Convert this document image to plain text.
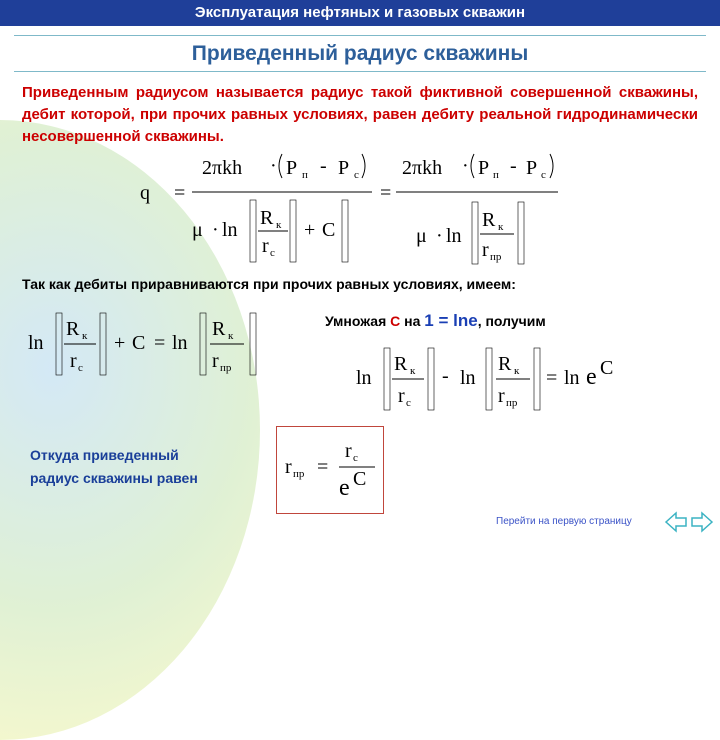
Эксплуатация нефтяных и газовых скважин
Приведенный радиус скважины
Приведенным радиусом называется радиус такой фиктивной совершенной скважины, дебит которой, при прочих равных условиях, равен дебиту реальной гидродинамически несовершенной скважины.
q =
2πkh · P п - P c
μ · ln
R к
r c
+ C
=
2πkh · P п - P c
μ · ln
R к
r пр
Так как дебиты приравниваются при прочих равных условиях, имеем:
ln
R к
r c
+ C = ln
R к
r пр
Умножая С на 1 = lne, получим
ln
R к
r c
- ln
R к
r пр
= ln e C
Откуда приведенный
радиус скважины равен	r пр =
r c
e C
Перейти на первую страницу
